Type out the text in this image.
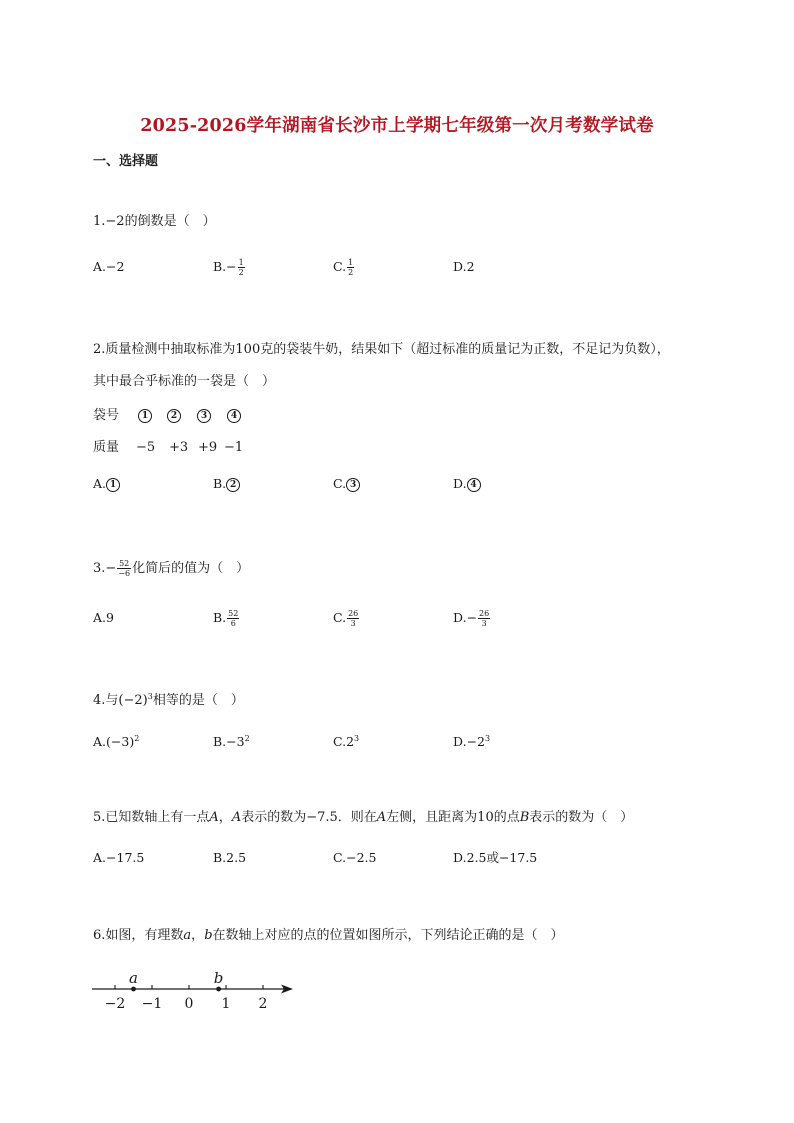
2025-2026学年湖南省长沙市上学期七年级第一次月考数学试卷
一、选择题
1.−2的倒数是（　）
A.−2	$B.- \frac{1}{2}$	C. $\frac{1}{2}$	D.2
2.质量检测中抽取标准为100克的袋装牛奶，结果如下（超过标准的质量记为正数，不足记为负数），
其中最合乎标准的一袋是（　）
袋号	1	2	3	4
质量 −5 +3 +9 −1
A. 1	B. 2	C. 3	D. 4
$3.- \frac{52}{-6}$ 化简后的值为（　）
A.9	B. $\frac{52}{6}$	C. $\frac{26}{3}$	$D.- \frac{26}{3}$
4.与$(-2)^3$相等的是（　）
$A.(-3)^2$	$B.-3^2$	$C.2^3$	$D.-2^3$
5.已知数轴上有一点A，A表示的数为−7.5．则在A左侧，且距离为10的点B表示的数为（　）
A.−17.5	B.2.5	C.−2.5	D.2.5或−17.5
6.如图，有理数a，b在数轴上对应的点的位置如图所示，下列结论正确的是（　）
−2 −1 0 1 2
a	b
